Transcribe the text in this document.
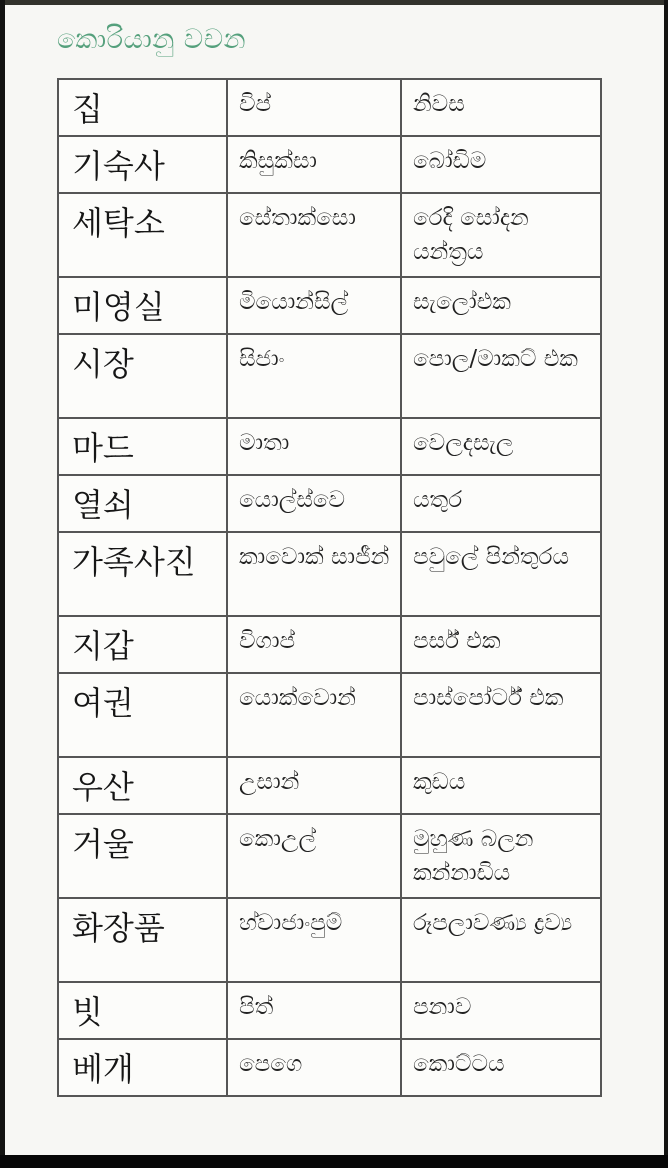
කොරියානු වචන
집	විප්	නිවස
기숙사	කිසුක්සා	බෝඩිම
세탁소	සේතාක්සො	රෙදි සෝදන යන්ත්‍රය
미영실	මියොන්සිල්	සැලෝඑක
시장	සිජාං	පොල/මාකට් එක
마드	මාතා	වෙලදසැල
열쇠	යොල්ස්වෙ	යතුර
가족사진	කාවොක් සාජීන්	පවුලේ පින්තුරය
지갑	විගාප්	පර්ස් එක
여권	යොක්වොන්	පාස්පෝර්ට් එක
우산	උසාන්	කුඩය
거울	කොඋල්	මුහුණ බලන කන්නාඩිය
화장품	හ්වාජාංපුම්	රූපලාවණ්‍ය ද්‍රව්‍ය
빗	පිත්	පනාව
베개	පෙගෙ	කොට්ටය
